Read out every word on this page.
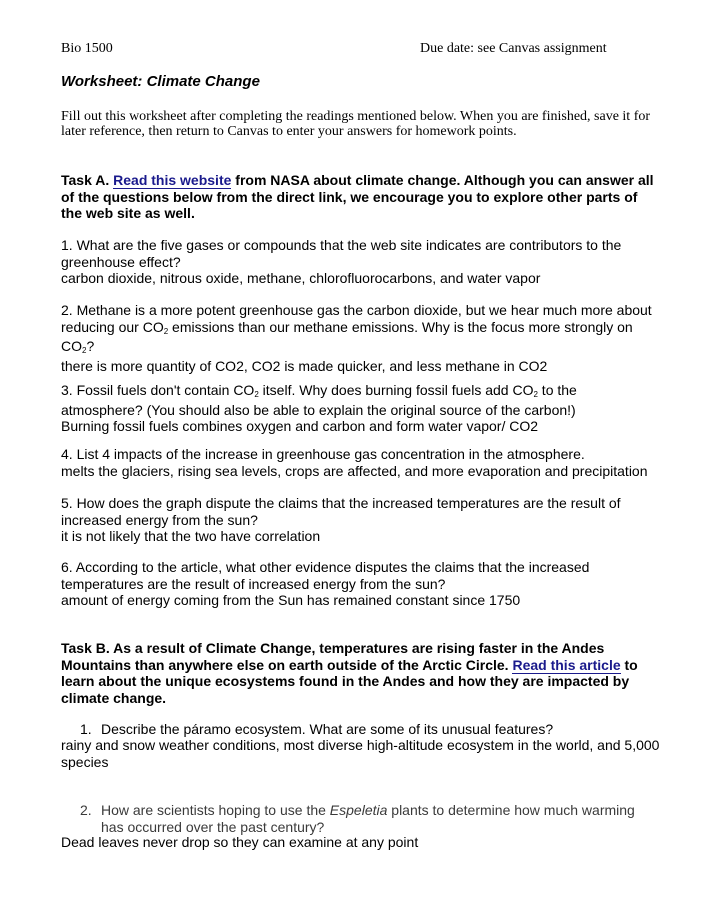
Bio 1500	Due date: see Canvas assignment
Worksheet: Climate Change
Fill out this worksheet after completing the readings mentioned below. When you are finished, save it for later reference, then return to Canvas to enter your answers for homework points.
Task A. Read this website from NASA about climate change. Although you can answer all of the questions below from the direct link, we encourage you to explore other parts of the web site as well.
1. What are the five gases or compounds that the web site indicates are contributors to the greenhouse effect?
carbon dioxide, nitrous oxide, methane, chlorofluorocarbons, and water vapor
2. Methane is a more potent greenhouse gas the carbon dioxide, but we hear much more about reducing our CO2 emissions than our methane emissions. Why is the focus more strongly on CO2?
there is more quantity of CO2, CO2 is made quicker, and less methane in CO2
3. Fossil fuels don't contain CO2 itself. Why does burning fossil fuels add CO2 to the atmosphere? (You should also be able to explain the original source of the carbon!)
Burning fossil fuels combines oxygen and carbon and form water vapor/ CO2
4. List 4 impacts of the increase in greenhouse gas concentration in the atmosphere.
melts the glaciers, rising sea levels, crops are affected, and more evaporation and precipitation
5. How does the graph dispute the claims that the increased temperatures are the result of increased energy from the sun?
it is not likely that the two have correlation
6. According to the article, what other evidence disputes the claims that the increased temperatures are the result of increased energy from the sun?
amount of energy coming from the Sun has remained constant since 1750
Task B. As a result of Climate Change, temperatures are rising faster in the Andes Mountains than anywhere else on earth outside of the Arctic Circle. Read this article to learn about the unique ecosystems found in the Andes and how they are impacted by climate change.
1. Describe the páramo ecosystem. What are some of its unusual features?
rainy and snow weather conditions, most diverse high-altitude ecosystem in the world, and 5,000 species
2. How are scientists hoping to use the Espeletia plants to determine how much warming has occurred over the past century?
Dead leaves never drop so they can examine at any point
